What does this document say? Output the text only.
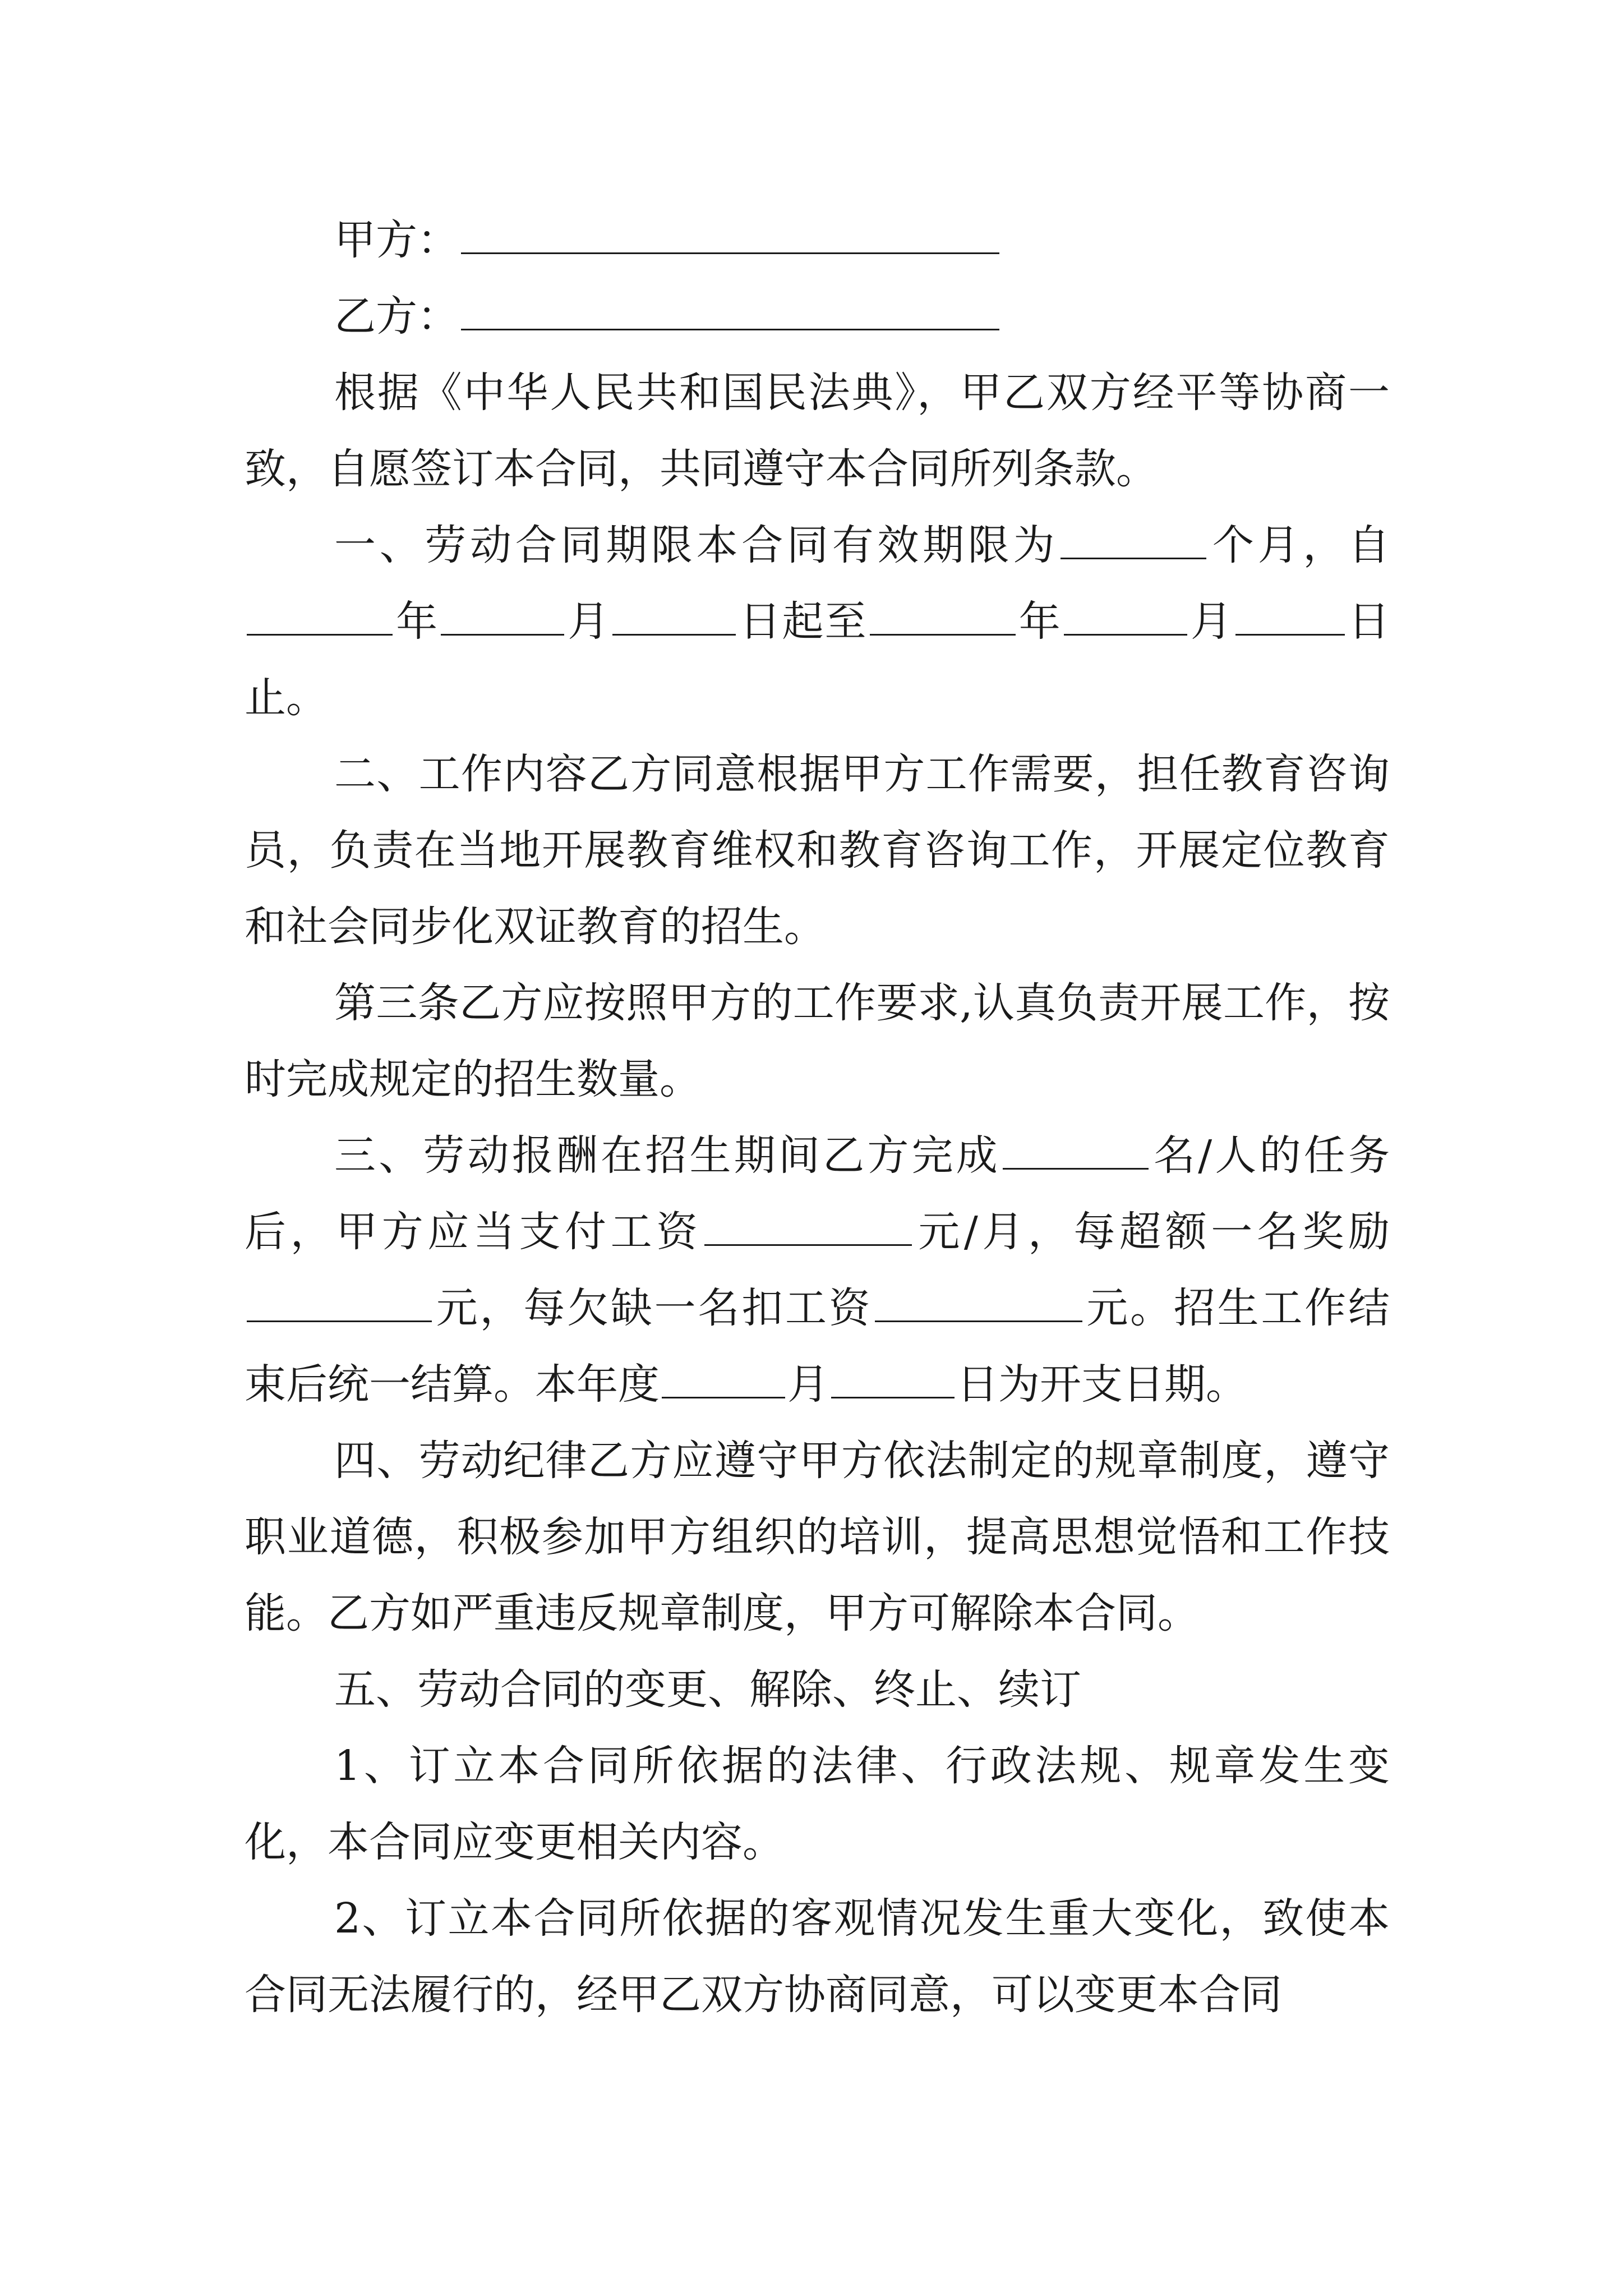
甲方：

乙方：

根据《中华人民共和国民法典》，甲乙双方经平等协商一致，自愿签订本合同，共同遵守本合同所列条款。

一、劳动合同期限本合同有效期限为	个月，自年	月	日起至	年	月	日止。

二、工作内容乙方同意根据甲方工作需要，担任教育咨询员，负责在当地开展教育维权和教育咨询工作，开展定位教育和社会同步化双证教育的招生。

第三条乙方应按照甲方的工作要求,认真负责开展工作，按时完成规定的招生数量。

三、劳动报酬在招生期间乙方完成	名/人的任务后，甲方应当支付工资	元/月，每超额一名奖励元，每欠缺一名扣工资	元。招生工作结束后统一结算。本年度	月	日为开支日期。

四、劳动纪律乙方应遵守甲方依法制定的规章制度，遵守职业道德，积极参加甲方组织的培训，提高思想觉悟和工作技能。乙方如严重违反规章制度，甲方可解除本合同。

五、劳动合同的变更、解除、终止、续订

1、订立本合同所依据的法律、行政法规、规章发生变化，本合同应变更相关内容。

2、订立本合同所依据的客观情况发生重大变化，致使本合同无法履行的，经甲乙双方协商同意，可以变更本合同
